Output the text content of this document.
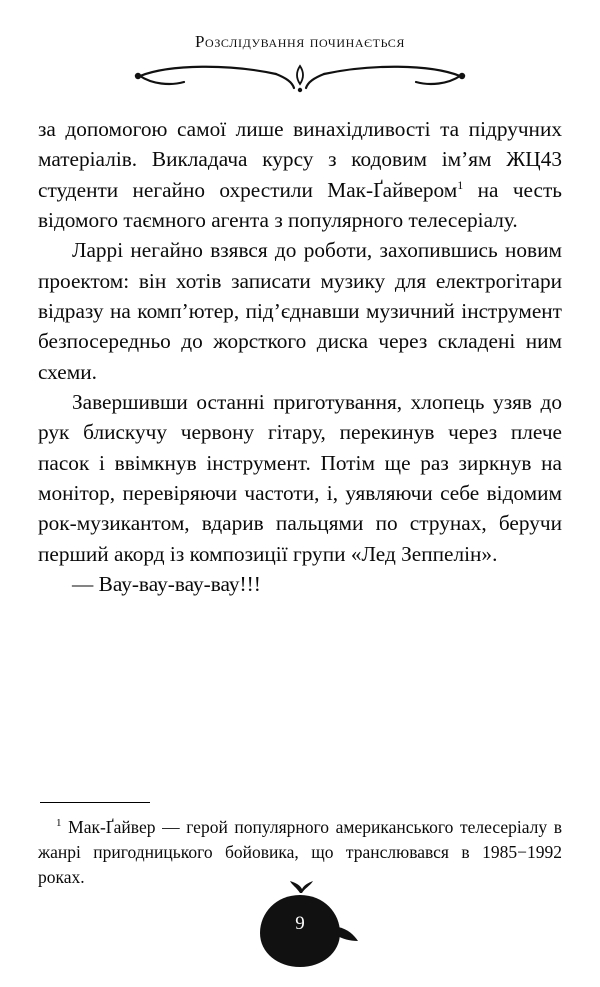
Розслідування починається

за допомогою самої лише винахідливості та підручних матеріалів. Викладача курсу з кодовим ім’ям ЖЦ43 студенти негайно охрестили Мак-Ґайвером$^1$ на честь відомого таємного агента з популярного телесеріалу.

Ларрі негайно взявся до роботи, захопившись новим проектом: він хотів записати музику для електрогітари відразу на комп’ютер, під’єднавши музичний інструмент безпосередньо до жорсткого диска через складені ним схеми.

Завершивши останні приготування, хлопець узяв до рук блискучу червону гітару, перекинув через плече пасок і ввімкнув інструмент. Потім ще раз зиркнув на монітор, перевіряючи частоти, і, уявляючи себе відомим рок-музикантом, вдарив пальцями по струнах, беручи перший акорд із композиції групи «Лед Зеппелін».

— Вау-вау-вау-вау!!!

$^1$ Мак-Ґайвер — герой популярного американського телесеріалу в жанрі пригодницького бойовика, що транслювався в 1985−1992 роках.
9
